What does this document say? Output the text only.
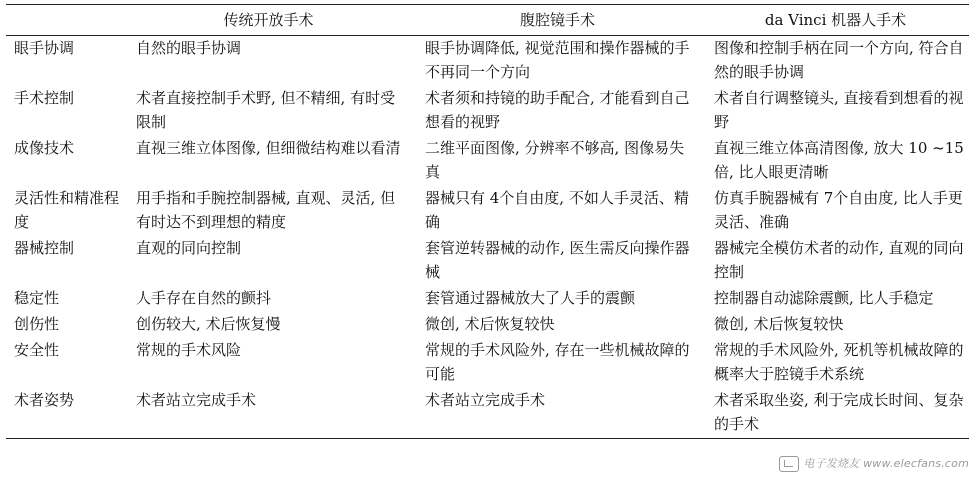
	传统开放手术	腹腔镜手术	da Vinci 机器人手术
眼手协调	自然的眼手协调	眼手协调降低, 视觉范围和操作器械的手不再同一个方向	图像和控制手柄在同一个方向, 符合自然的眼手协调
手术控制	术者直接控制手术野, 但不精细, 有时受限制	术者须和持镜的助手配合, 才能看到自己想看的视野	术者自行调整镜头, 直接看到想看的视野
成像技术	直视三维立体图像, 但细微结构难以看清	二维平面图像, 分辨率不够高, 图像易失真	直视三维立体高清图像, 放大 10 ~15倍, 比人眼更清晰
灵活性和精准程度	用手指和手腕控制器械, 直观、灵活, 但有时达不到理想的精度	器械只有 4个自由度, 不如人手灵活、精确	仿真手腕器械有 7个自由度, 比人手更灵活、准确
器械控制	直观的同向控制	套管逆转器械的动作, 医生需反向操作器械	器械完全模仿术者的动作, 直观的同向控制
稳定性	人手存在自然的颤抖	套管通过器械放大了人手的震颤	控制器自动滤除震颤, 比人手稳定
创伤性	创伤较大, 术后恢复慢	微创, 术后恢复较快	微创, 术后恢复较快
安全性	常规的手术风险	常规的手术风险外, 存在一些机械故障的可能	常规的手术风险外, 死机等机械故障的概率大于腔镜手术系统
术者姿势	术者站立完成手术	术者站立完成手术	术者采取坐姿, 利于完成长时间、复杂的手术
电子发烧友 www.elecfans.com
